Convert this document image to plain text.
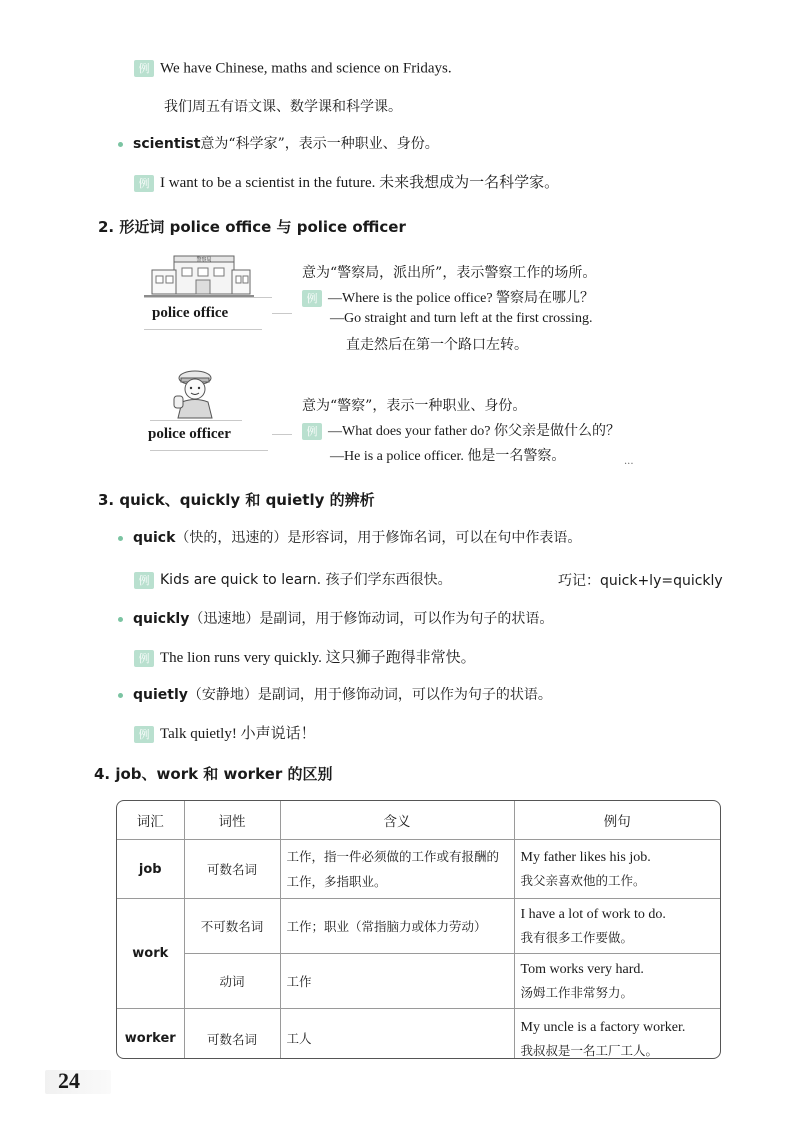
例 We have Chinese, maths and science on Fridays.
我们周五有语文课、数学课和科学课。
scientist意为“科学家”，表示一种职业、身份。
例 I want to be a scientist in the future. 未来我想成为一名科学家。
2. 形近词 police office 与 police officer
警察局
police office
意为“警察局，派出所”，表示警察工作的场所。
例 —Where is the police office? 警察局在哪儿？
—Go straight and turn left at the first crossing.
直走然后在第一个路口左转。
police officer
意为“警察”，表示一种职业、身份。
例 —What does your father do? 你父亲是做什么的？
—He is a police officer. 他是一名警察。	...
3. quick、quickly 和 quietly 的辨析
quick（快的，迅速的）是形容词，用于修饰名词，可以在句中作表语。
例 Kids are quick to learn. 孩子们学东西很快。	巧记：quick+ly=quickly
quickly（迅速地）是副词，用于修饰动词，可以作为句子的状语。
例 The lion runs very quickly. 这只狮子跑得非常快。
quietly（安静地）是副词，用于修饰动词，可以作为句子的状语。
例 Talk quietly! 小声说话！
4. job、work 和 worker 的区别
词汇	词性	含义	例句
job	可数名词	工作，指一件必须做的工作或有报酬的工作，多指职业。	My father likes his job.
我父亲喜欢他的工作。

work	不可数名词	工作；职业（常指脑力或体力劳动）	I have a lot of work to do.
我有很多工作要做。

	动词	工作	Tom works very hard.
汤姆工作非常努力。

worker	可数名词	工人	My uncle is a factory worker.
我叔叔是一名工厂工人。
24
